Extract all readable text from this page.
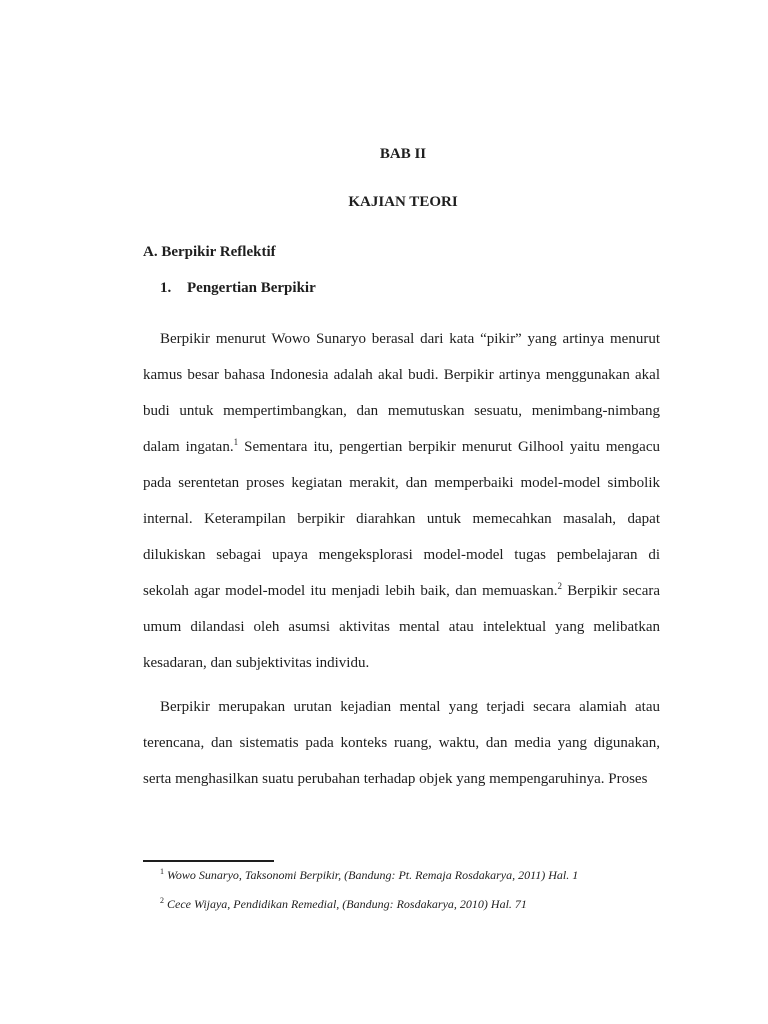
BAB II
KAJIAN TEORI
A. Berpikir Reflektif
1. Pengertian Berpikir

Berpikir menurut Wowo Sunaryo berasal dari kata “pikir” yang artinya menurut kamus besar bahasa Indonesia adalah akal budi. Berpikir artinya menggunakan akal budi untuk mempertimbangkan, dan memutuskan sesuatu, menimbang-nimbang dalam ingatan.$^1$ Sementara itu, pengertian berpikir menurut Gilhool yaitu mengacu pada serentetan proses kegiatan merakit, dan memperbaiki model-model simbolik internal. Keterampilan berpikir diarahkan untuk memecahkan masalah, dapat dilukiskan sebagai upaya mengeksplorasi model-model tugas pembelajaran di sekolah agar model-model itu menjadi lebih baik, dan memuaskan.$^2$ Berpikir secara umum dilandasi oleh asumsi aktivitas mental atau intelektual yang melibatkan kesadaran, dan subjektivitas individu.

Berpikir merupakan urutan kejadian mental yang terjadi secara alamiah atau terencana, dan sistematis pada konteks ruang, waktu, dan media yang digunakan, serta menghasilkan suatu perubahan terhadap objek yang mempengaruhinya. Proses

$^1$ Wowo Sunaryo, Taksonomi Berpikir, (Bandung: Pt. Remaja Rosdakarya, 2011) Hal. 1
$^2$ Cece Wijaya, Pendidikan Remedial, (Bandung: Rosdakarya, 2010) Hal. 71
